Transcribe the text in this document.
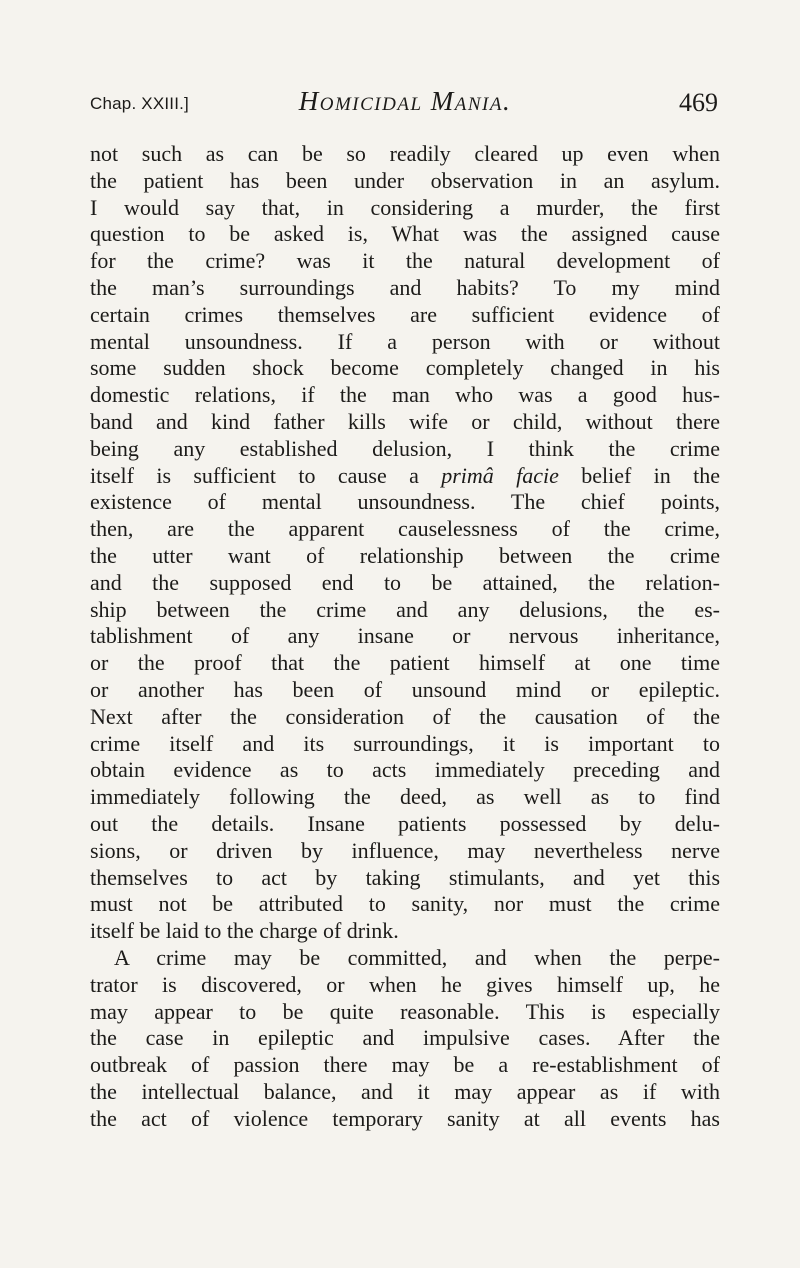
Chap. XXIII.]	Homicidal Mania.	469
not such as can be so readily cleared up even when
the patient has been under observation in an asylum.
I would say that, in considering a murder, the first
question to be asked is, What was the assigned cause
for the crime? was it the natural development of
the man’s surroundings and habits? To my mind
certain crimes themselves are sufficient evidence of
mental unsoundness. If a person with or without
some sudden shock become completely changed in his
domestic relations, if the man who was a good hus-
band and kind father kills wife or child, without there
being any established delusion, I think the crime
itself is sufficient to cause a primâ facie belief in the
existence of mental unsoundness. The chief points,
then, are the apparent causelessness of the crime,
the utter want of relationship between the crime
and the supposed end to be attained, the relation-
ship between the crime and any delusions, the es-
tablishment of any insane or nervous inheritance,
or the proof that the patient himself at one time
or another has been of unsound mind or epileptic.
Next after the consideration of the causation of the
crime itself and its surroundings, it is important to
obtain evidence as to acts immediately preceding and
immediately following the deed, as well as to find
out the details. Insane patients possessed by delu-
sions, or driven by influence, may nevertheless nerve
themselves to act by taking stimulants, and yet this
must not be attributed to sanity, nor must the crime
itself be laid to the charge of drink.
A crime may be committed, and when the perpe-
trator is discovered, or when he gives himself up, he
may appear to be quite reasonable. This is especially
the case in epileptic and impulsive cases. After the
outbreak of passion there may be a re-establishment of
the intellectual balance, and it may appear as if with
the act of violence temporary sanity at all events has
